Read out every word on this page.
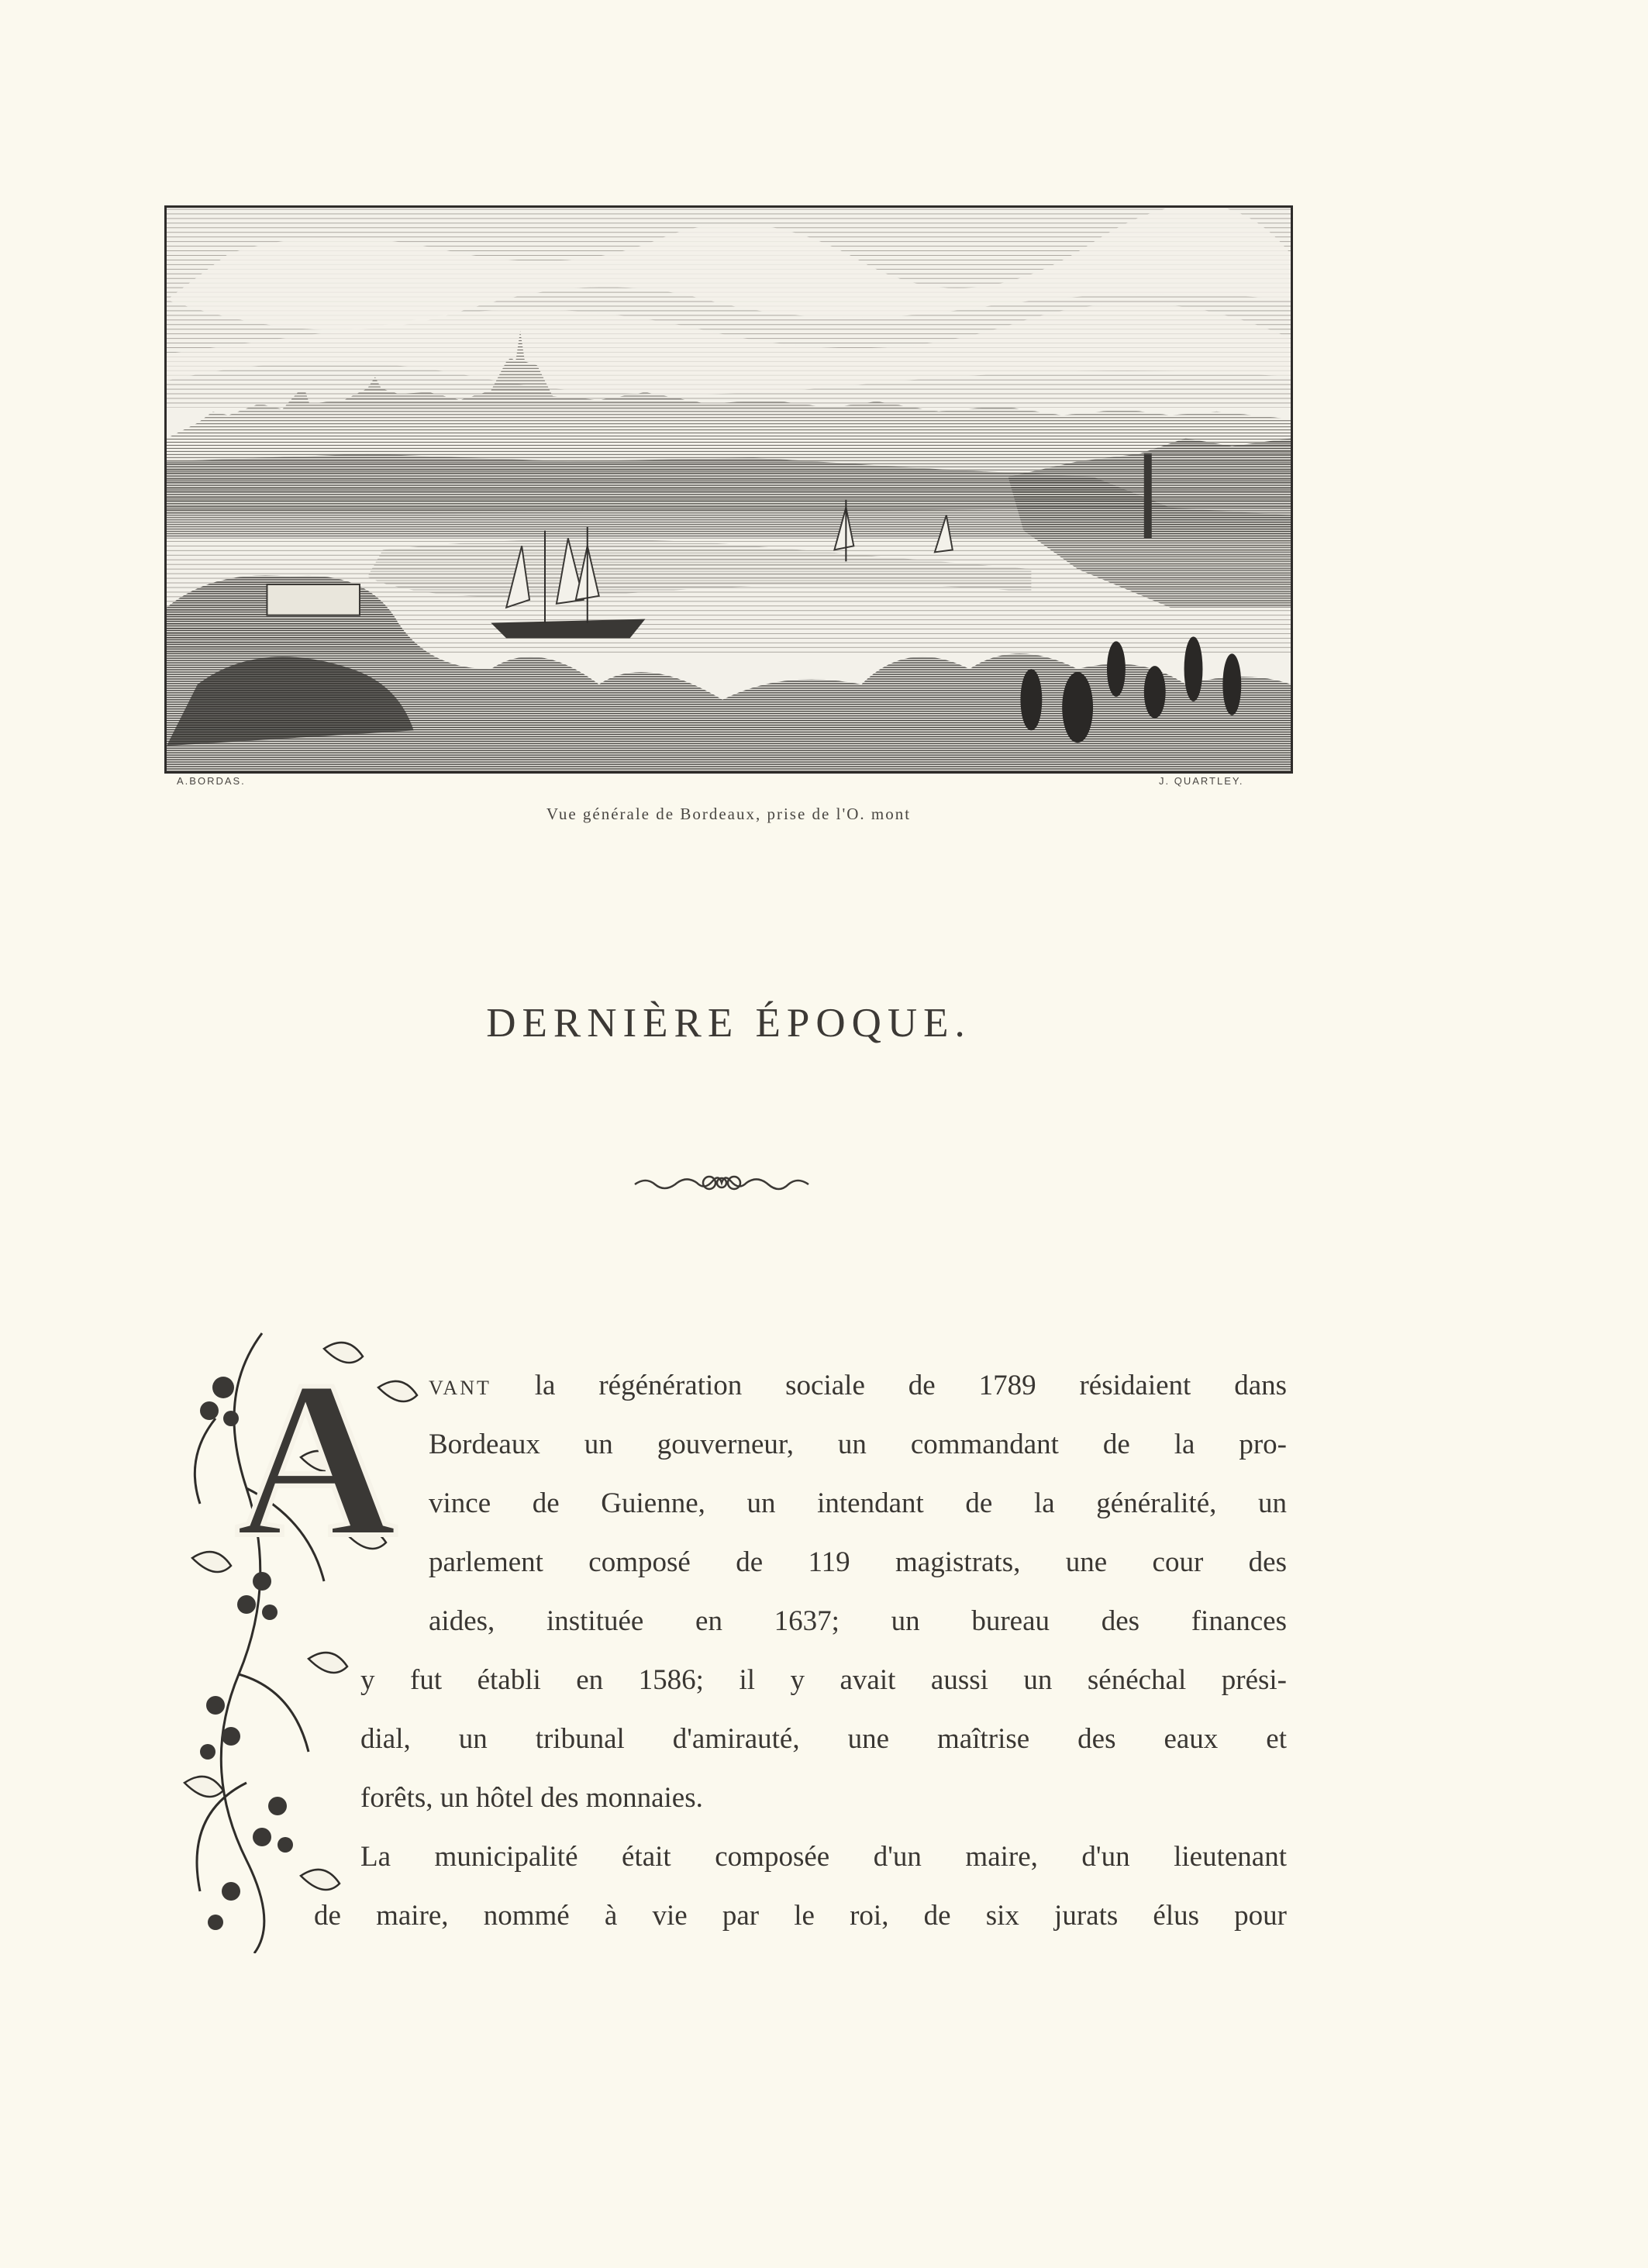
A.BORDAS.	J. QUARTLEY.
Vue générale de Bordeaux, prise de l'O. mont
DERNIÈRE ÉPOQUE.
A vant la régénération sociale de 1789 résidaient dans
Bordeaux un gouverneur, un commandant de la pro-
vince de Guienne, un intendant de la généralité, un
parlement composé de 119 magistrats, une cour des
aides, instituée en 1637; un bureau des finances
y fut établi en 1586; il y avait aussi un sénéchal prési-
dial, un tribunal d'amirauté, une maîtrise des eaux et
forêts, un hôtel des monnaies.
La municipalité était composée d'un maire, d'un lieutenant
de maire, nommé à vie par le roi, de six jurats élus pour
